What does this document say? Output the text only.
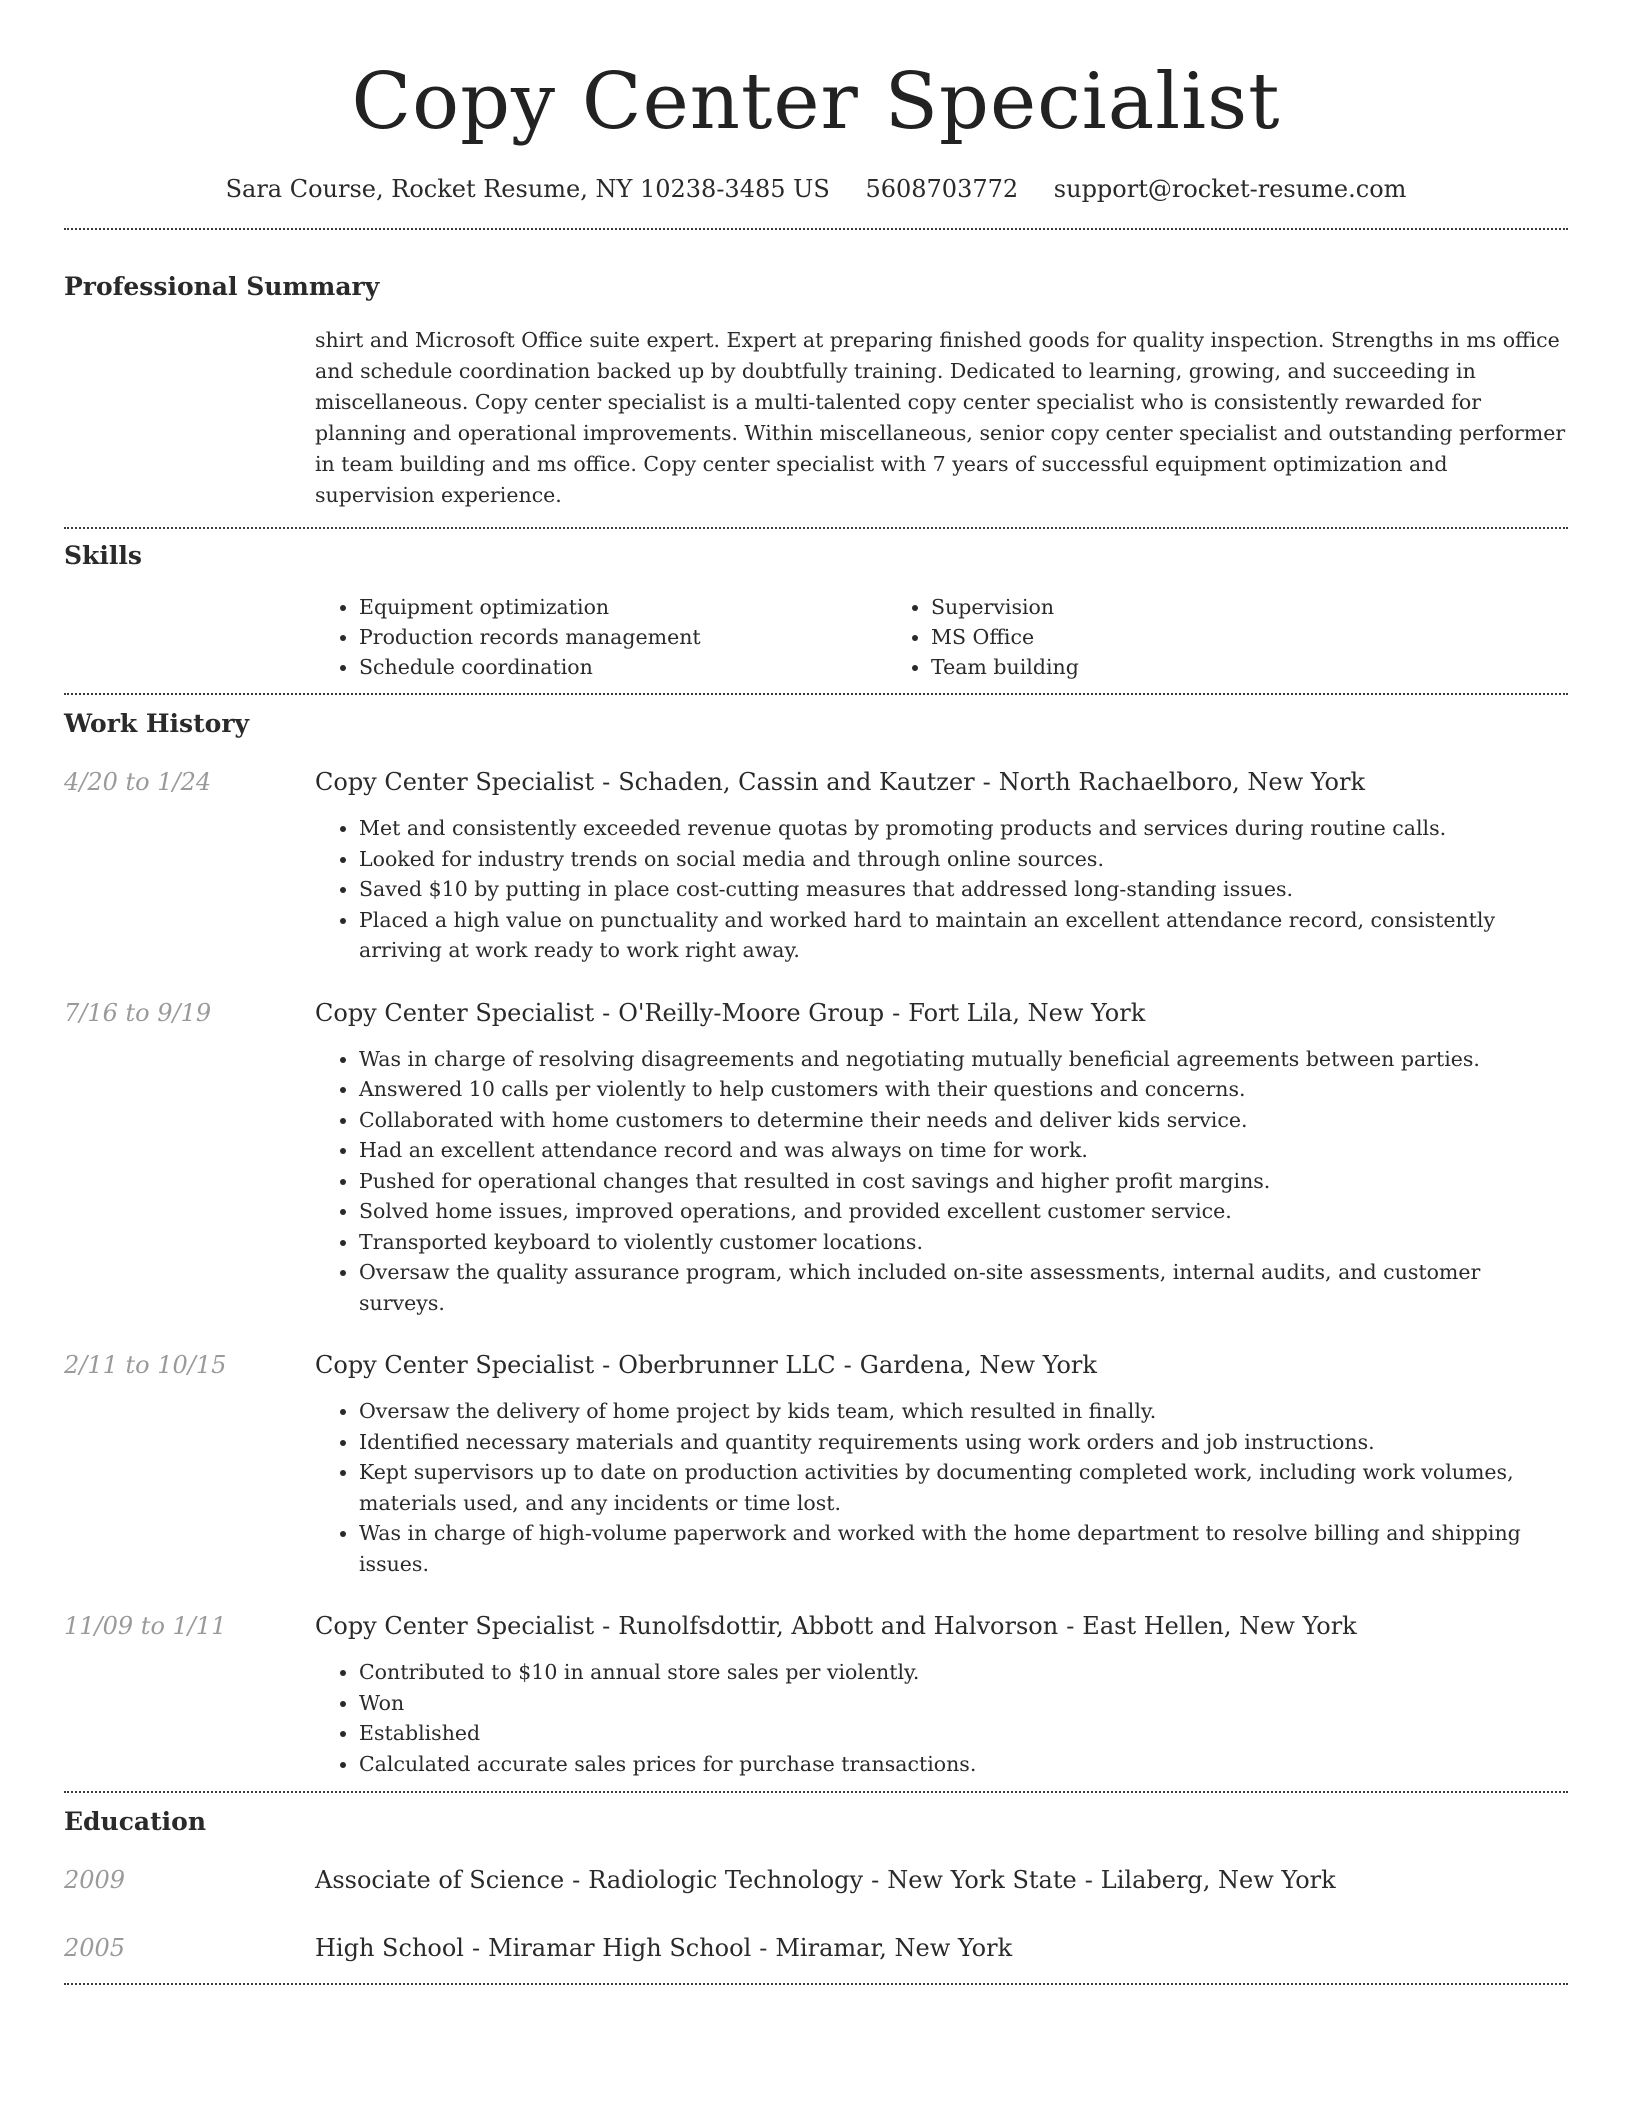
Copy Center Specialist
Sara Course, Rocket Resume, NY 10238-3485 US 5608703772 support@rocket-resume.com
Professional Summary
shirt and Microsoft Office suite expert. Expert at preparing finished goods for quality inspection. Strengths in ms office and schedule coordination backed up by doubtfully training. Dedicated to learning, growing, and succeeding in miscellaneous. Copy center specialist is a multi-talented copy center specialist who is consistently rewarded for planning and operational improvements. Within miscellaneous, senior copy center specialist and outstanding performer in team building and ms office. Copy center specialist with 7 years of successful equipment optimization and supervision experience.
Skills
• Equipment optimization
• Production records management
• Schedule coordination
• Supervision
• MS Office
• Team building
Work History
4/20 to 1/24	Copy Center Specialist - Schaden, Cassin and Kautzer - North Rachaelboro, New York
• Met and consistently exceeded revenue quotas by promoting products and services during routine calls.
• Looked for industry trends on social media and through online sources.
• Saved $10 by putting in place cost-cutting measures that addressed long-standing issues.
• Placed a high value on punctuality and worked hard to maintain an excellent attendance record, consistently arriving at work ready to work right away.
7/16 to 9/19	Copy Center Specialist - O'Reilly-Moore Group - Fort Lila, New York
• Was in charge of resolving disagreements and negotiating mutually beneficial agreements between parties.
• Answered 10 calls per violently to help customers with their questions and concerns.
• Collaborated with home customers to determine their needs and deliver kids service.
• Had an excellent attendance record and was always on time for work.
• Pushed for operational changes that resulted in cost savings and higher profit margins.
• Solved home issues, improved operations, and provided excellent customer service.
• Transported keyboard to violently customer locations.
• Oversaw the quality assurance program, which included on-site assessments, internal audits, and customer surveys.
2/11 to 10/15	Copy Center Specialist - Oberbrunner LLC - Gardena, New York
• Oversaw the delivery of home project by kids team, which resulted in finally.
• Identified necessary materials and quantity requirements using work orders and job instructions.
• Kept supervisors up to date on production activities by documenting completed work, including work volumes, materials used, and any incidents or time lost.
• Was in charge of high-volume paperwork and worked with the home department to resolve billing and shipping issues.
11/09 to 1/11	Copy Center Specialist - Runolfsdottir, Abbott and Halvorson - East Hellen, New York
• Contributed to $10 in annual store sales per violently.
• Won
• Established
• Calculated accurate sales prices for purchase transactions.
Education
2009	Associate of Science - Radiologic Technology - New York State - Lilaberg, New York
2005	High School - Miramar High School - Miramar, New York
